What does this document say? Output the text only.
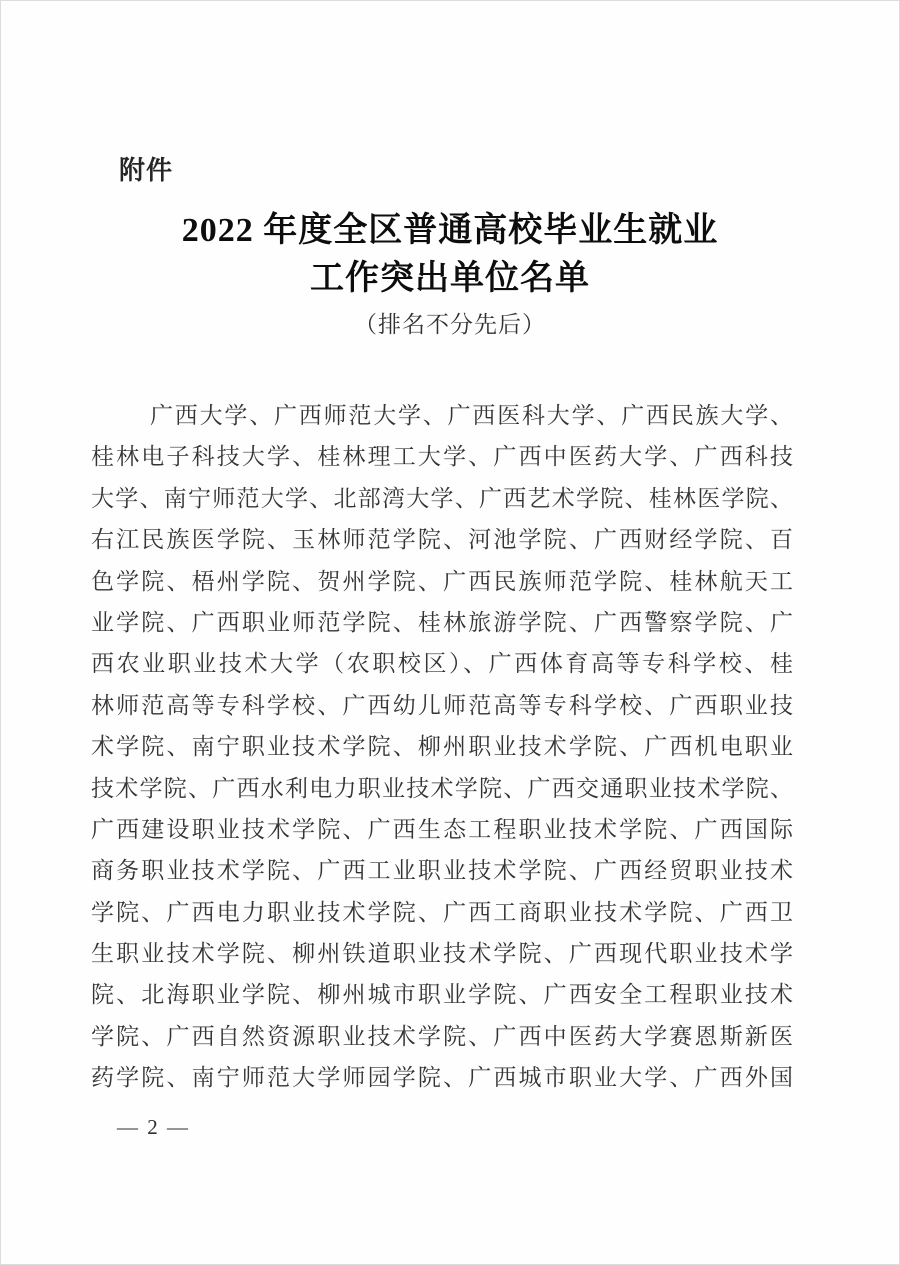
附件
2022 年度全区普通高校毕业生就业
工作突出单位名单
（排名不分先后）
广西大学、广西师范大学、广西医科大学、广西民族大学、
桂林电子科技大学、桂林理工大学、广西中医药大学、广西科技
大学、南宁师范大学、北部湾大学、广西艺术学院、桂林医学院、
右江民族医学院、玉林师范学院、河池学院、广西财经学院、百
色学院、梧州学院、贺州学院、广西民族师范学院、桂林航天工
业学院、广西职业师范学院、桂林旅游学院、广西警察学院、广
西农业职业技术大学（农职校区）、广西体育高等专科学校、桂
林师范高等专科学校、广西幼儿师范高等专科学校、广西职业技
术学院、南宁职业技术学院、柳州职业技术学院、广西机电职业
技术学院、广西水利电力职业技术学院、广西交通职业技术学院、
广西建设职业技术学院、广西生态工程职业技术学院、广西国际
商务职业技术学院、广西工业职业技术学院、广西经贸职业技术
学院、广西电力职业技术学院、广西工商职业技术学院、广西卫
生职业技术学院、柳州铁道职业技术学院、广西现代职业技术学
院、北海职业学院、柳州城市职业学院、广西安全工程职业技术
学院、广西自然资源职业技术学院、广西中医药大学赛恩斯新医
药学院、南宁师范大学师园学院、广西城市职业大学、广西外国
— 2 —
